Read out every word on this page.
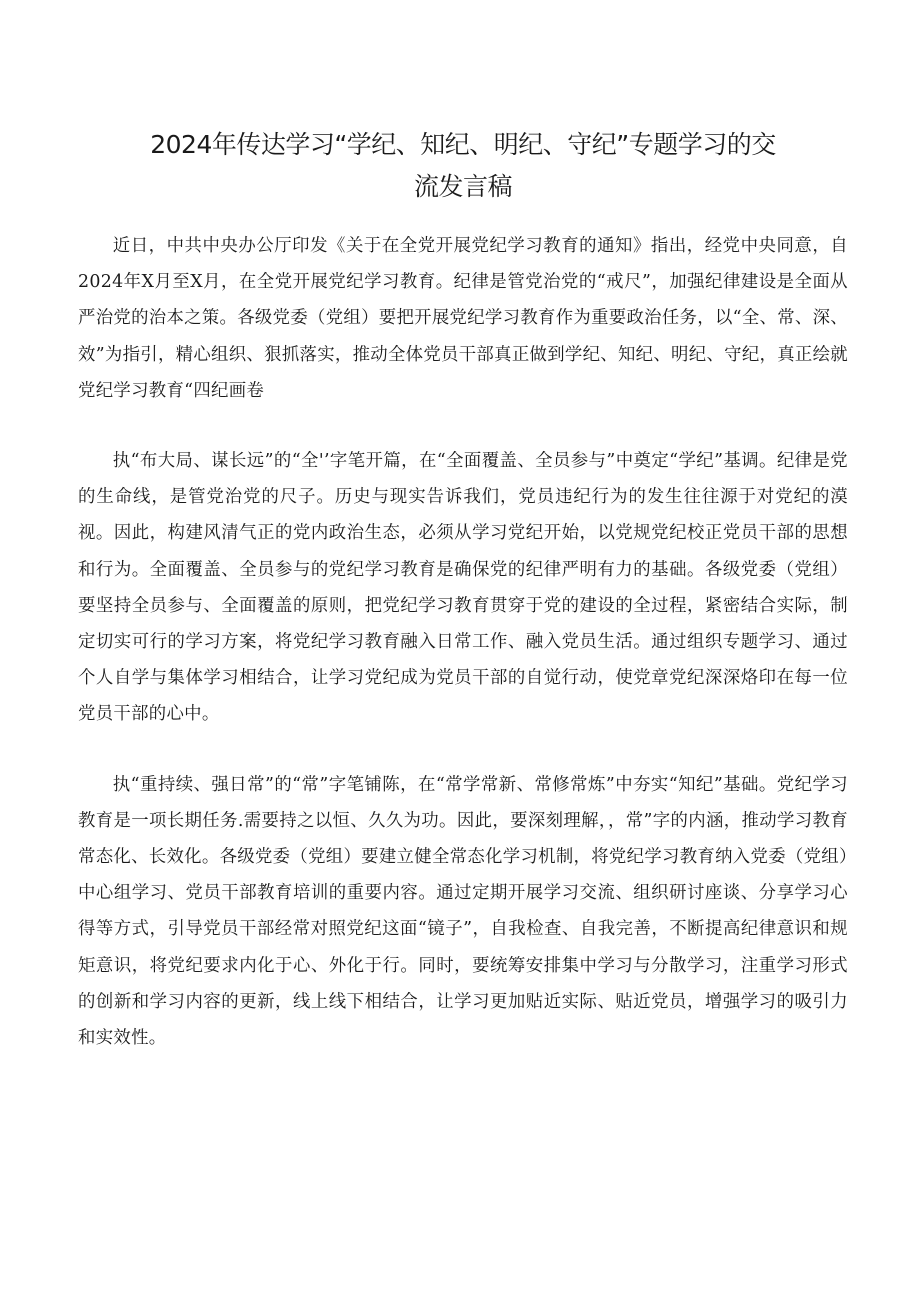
2024年传达学习“学纪、知纪、明纪、守纪”专题学习的交
流发言稿

近日，中共中央办公厅印发《关于在全党开展党纪学习教育的通知》指出，经党中央同意，自2024年X月至X月，在全党开展党纪学习教育。纪律是管党治党的“戒尺”，加强纪律建设是全面从严治党的治本之策。各级党委（党组）要把开展党纪学习教育作为重要政治任务，以“全、常、深、效”为指引，精心组织、狠抓落实，推动全体党员干部真正做到学纪、知纪、明纪、守纪，真正绘就党纪学习教育“四纪画卷

执“布大局、谋长远”的“全'’字笔开篇，在“全面覆盖、全员参与”中奠定“学纪”基调。纪律是党的生命线，是管党治党的尺子。历史与现实告诉我们，党员违纪行为的发生往往源于对党纪的漠视。因此，构建风清气正的党内政治生态，必须从学习党纪开始，以党规党纪校正党员干部的思想和行为。全面覆盖、全员参与的党纪学习教育是确保党的纪律严明有力的基础。各级党委（党组）要坚持全员参与、全面覆盖的原则，把党纪学习教育贯穿于党的建设的全过程，紧密结合实际，制定切实可行的学习方案，将党纪学习教育融入日常工作、融入党员生活。通过组织专题学习、通过个人自学与集体学习相结合，让学习党纪成为党员干部的自觉行动，使党章党纪深深烙印在每一位党员干部的心中。

执“重持续、强日常”的“常”字笔铺陈，在“常学常新、常修常炼”中夯实“知纪”基础。党纪学习教育是一项长期任务.需要持之以恒、久久为功。因此，要深刻理解，，常”字的内涵，推动学习教育常态化、长效化。各级党委（党组）要建立健全常态化学习机制，将党纪学习教育纳入党委（党组）中心组学习、党员干部教育培训的重要内容。通过定期开展学习交流、组织研讨座谈、分享学习心得等方式，引导党员干部经常对照党纪这面“镜子”，自我检查、自我完善，不断提高纪律意识和规矩意识，将党纪要求内化于心、外化于行。同时，要统筹安排集中学习与分散学习，注重学习形式的创新和学习内容的更新，线上线下相结合，让学习更加贴近实际、贴近党员，增强学习的吸引力和实效性。
